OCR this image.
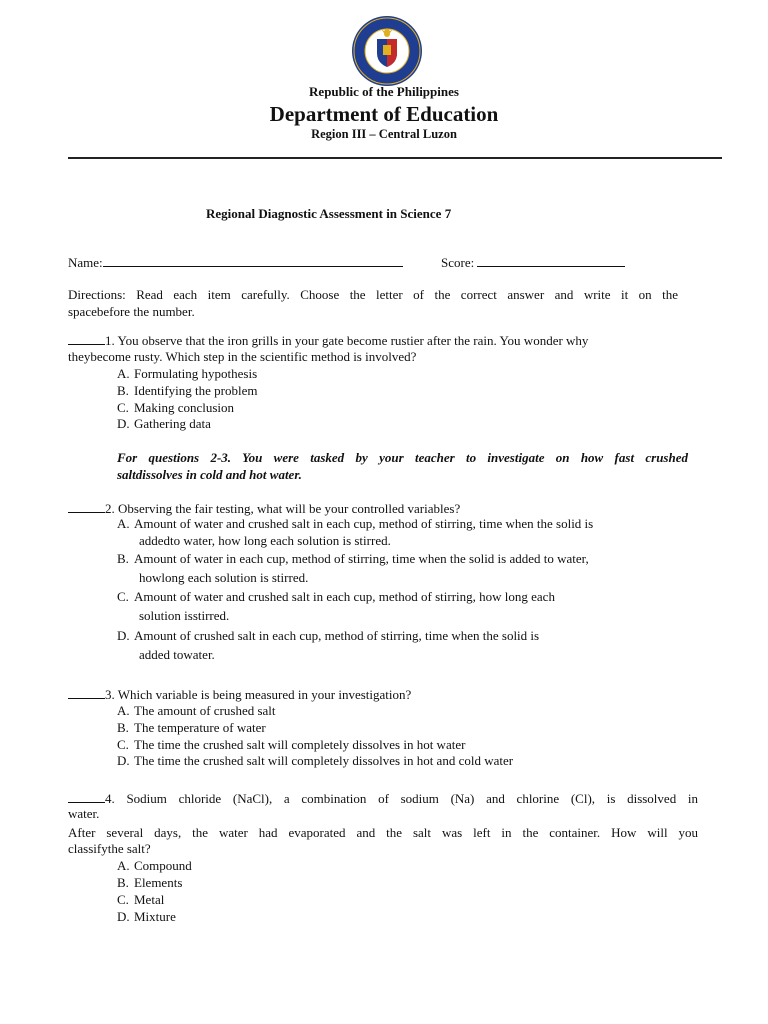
Republic of the Philippines
Department of Education
Region III – Central Luzon
Regional Diagnostic Assessment in Science 7
Name:	Score:
Directions: Read each item carefully. Choose the letter of the correct answer and write it on the
spacebefore the number.
1. You observe that the iron grills in your gate become rustier after the rain. You wonder why
theybecome rusty. Which step in the scientific method is involved?
A. Formulating hypothesis
B. Identifying the problem
C. Making conclusion
D. Gathering data
For questions 2-3. You were tasked by your teacher to investigate on how fast crushed
saltdissolves in cold and hot water.
2. Observing the fair testing, what will be your controlled variables?
A. Amount of water and crushed salt in each cup, method of stirring, time when the solid is
addedto water, how long each solution is stirred.
B. Amount of water in each cup, method of stirring, time when the solid is added to water,
howlong each solution is stirred.
C. Amount of water and crushed salt in each cup, method of stirring, how long each
solution isstirred.
D. Amount of crushed salt in each cup, method of stirring, time when the solid is
added towater.
3. Which variable is being measured in your investigation?
A. The amount of crushed salt
B. The temperature of water
C. The time the crushed salt will completely dissolves in hot water
D. The time the crushed salt will completely dissolves in hot and cold water
4. Sodium chloride (NaCl), a combination of sodium (Na) and chlorine (Cl), is dissolved in
water.
After several days, the water had evaporated and the salt was left in the container. How will you
classifythe salt?
A. Compound
B. Elements
C. Metal
D. Mixture
